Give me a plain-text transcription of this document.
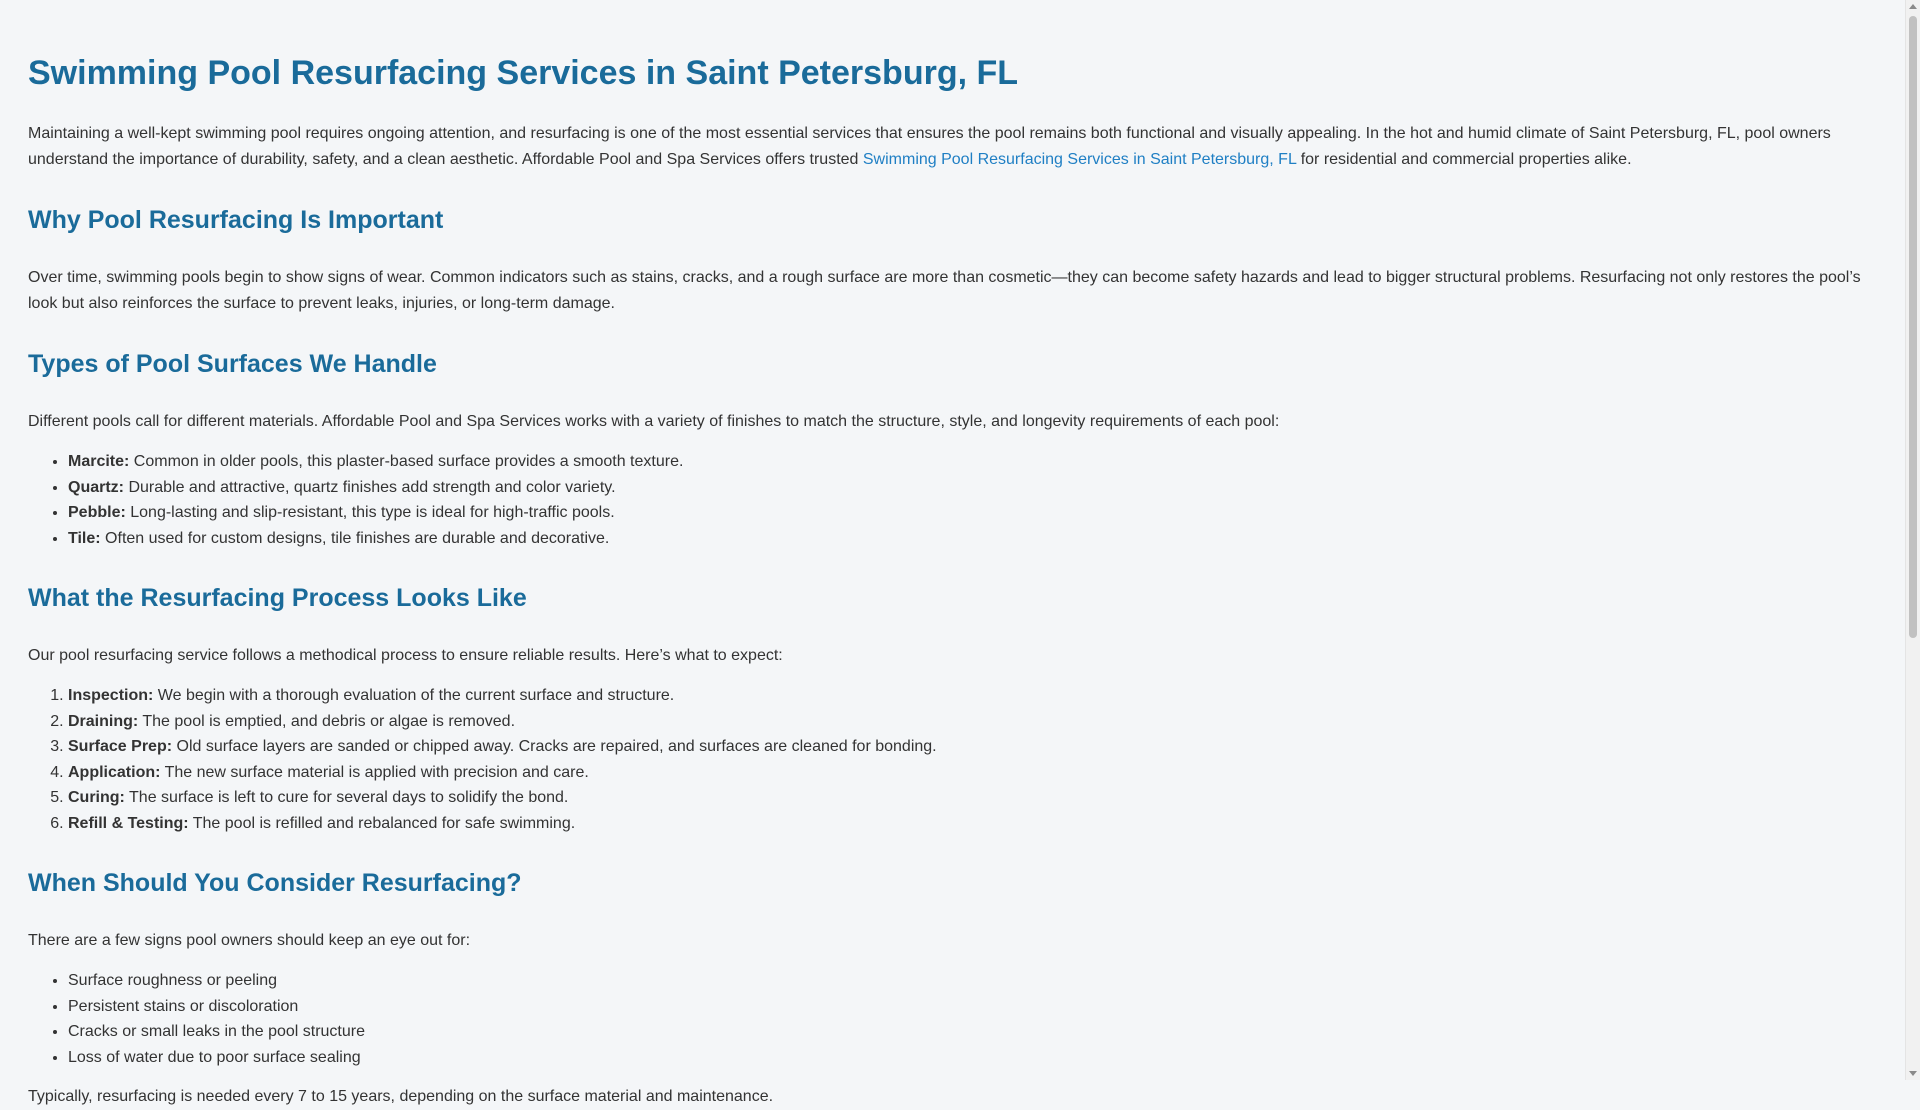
Swimming Pool Resurfacing Services in Saint Petersburg, FL

Maintaining a well-kept swimming pool requires ongoing attention, and resurfacing is one of the most essential services that ensures the pool remains both functional and visually appealing. In the hot and humid climate of Saint Petersburg, FL, pool owners understand the importance of durability, safety, and a clean aesthetic. Affordable Pool and Spa Services offers trusted Swimming Pool Resurfacing Services in Saint Petersburg, FL for residential and commercial properties alike.

Why Pool Resurfacing Is Important

Over time, swimming pools begin to show signs of wear. Common indicators such as stains, cracks, and a rough surface are more than cosmetic—they can become safety hazards and lead to bigger structural problems. Resurfacing not only restores the pool’s look but also reinforces the surface to prevent leaks, injuries, or long-term damage.

Types of Pool Surfaces We Handle

Different pools call for different materials. Affordable Pool and Spa Services works with a variety of finishes to match the structure, style, and longevity requirements of each pool:

• Marcite: Common in older pools, this plaster-based surface provides a smooth texture.
• Quartz: Durable and attractive, quartz finishes add strength and color variety.
• Pebble: Long-lasting and slip-resistant, this type is ideal for high-traffic pools.
• Tile: Often used for custom designs, tile finishes are durable and decorative.
What the Resurfacing Process Looks Like

Our pool resurfacing service follows a methodical process to ensure reliable results. Here’s what to expect:

1. Inspection: We begin with a thorough evaluation of the current surface and structure.
2. Draining: The pool is emptied, and debris or algae is removed.
3. Surface Prep: Old surface layers are sanded or chipped away. Cracks are repaired, and surfaces are cleaned for bonding.
4. Application: The new surface material is applied with precision and care.
5. Curing: The surface is left to cure for several days to solidify the bond.
6. Refill & Testing: The pool is refilled and rebalanced for safe swimming.
When Should You Consider Resurfacing?

There are a few signs pool owners should keep an eye out for:

• Surface roughness or peeling
• Persistent stains or discoloration
• Cracks or small leaks in the pool structure
• Loss of water due to poor surface sealing

Typically, resurfacing is needed every 7 to 15 years, depending on the surface material and maintenance.
